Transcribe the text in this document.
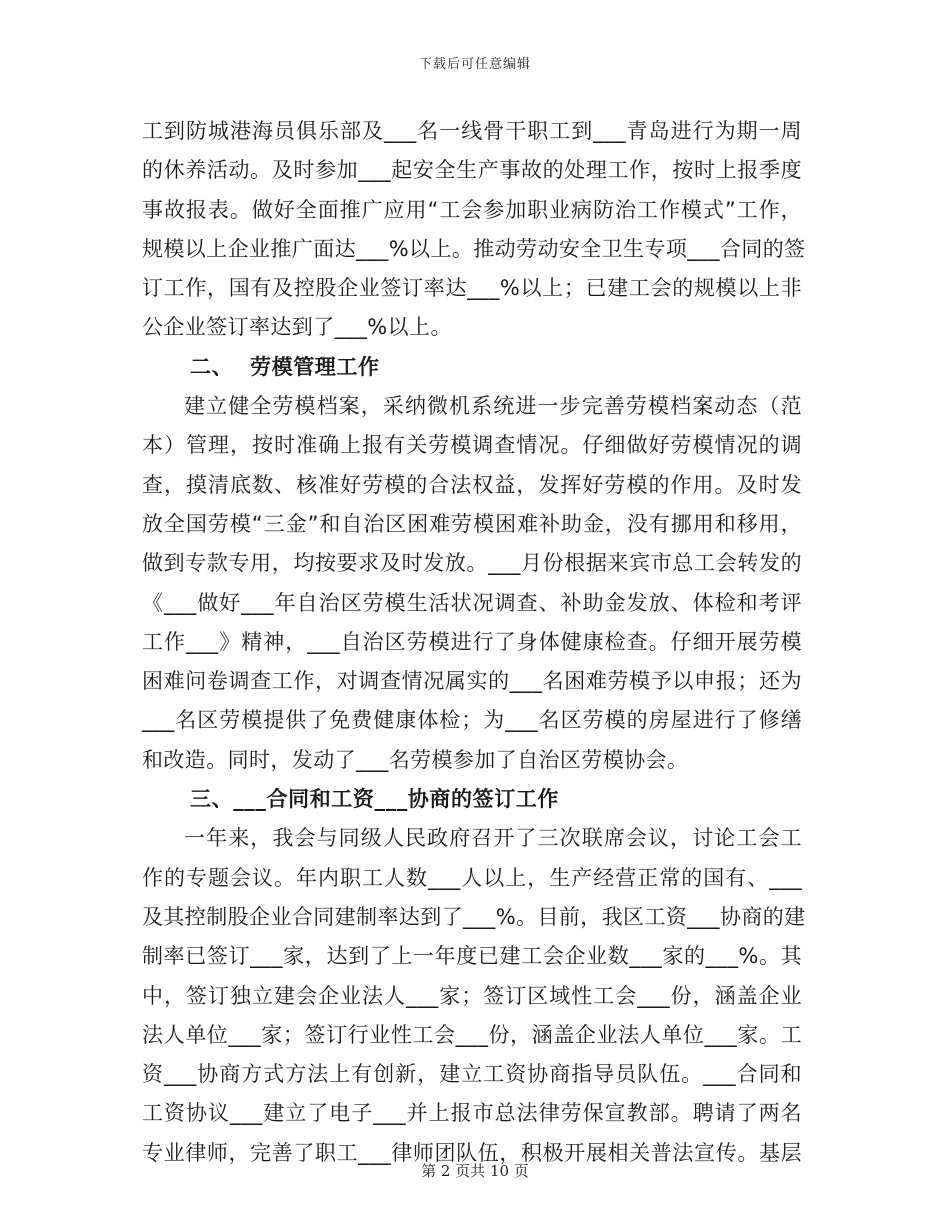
下载后可任意编辑
工到防城港海员俱乐部及___名一线骨干职工到___青岛进行为期一周
的休养活动。及时参加___起安全生产事故的处理工作，按时上报季度
事故报表。做好全面推广应用“工会参加职业病防治工作模式”工作，
规模以上企业推广面达___%以上。推动劳动安全卫生专项___合同的签
订工作，国有及控股企业签订率达___%以上；已建工会的规模以上非
公企业签订率达到了___%以上。
二、 劳模管理工作
建立健全劳模档案，采纳微机系统进一步完善劳模档案动态（范
本）管理，按时准确上报有关劳模调查情况。仔细做好劳模情况的调
查，摸清底数、核准好劳模的合法权益，发挥好劳模的作用。及时发
放全国劳模“三金”和自治区困难劳模困难补助金，没有挪用和移用，
做到专款专用，均按要求及时发放。___月份根据来宾市总工会转发的
《___做好___年自治区劳模生活状况调查、补助金发放、体检和考评
工作___》精神，___自治区劳模进行了身体健康检查。仔细开展劳模
困难问卷调查工作，对调查情况属实的___名困难劳模予以申报；还为
___名区劳模提供了免费健康体检；为___名区劳模的房屋进行了修缮
和改造。同时，发动了___名劳模参加了自治区劳模协会。
三、___合同和工资___协商的签订工作
一年来，我会与同级人民政府召开了三次联席会议，讨论工会工
作的专题会议。年内职工人数___人以上，生产经营正常的国有、___
及其控制股企业合同建制率达到了___%。目前，我区工资___协商的建
制率已签订___家，达到了上一年度已建工会企业数___家的___%。其
中，签订独立建会企业法人___家；签订区域性工会___份，涵盖企业
法人单位___家；签订行业性工会___份，涵盖企业法人单位___家。工
资___协商方式方法上有创新，建立工资协商指导员队伍。___合同和
工资协议___建立了电子___并上报市总法律劳保宣教部。聘请了两名
专业律师，完善了职工___律师团队伍，积极开展相关普法宣传。基层
第 2 页共 10 页
